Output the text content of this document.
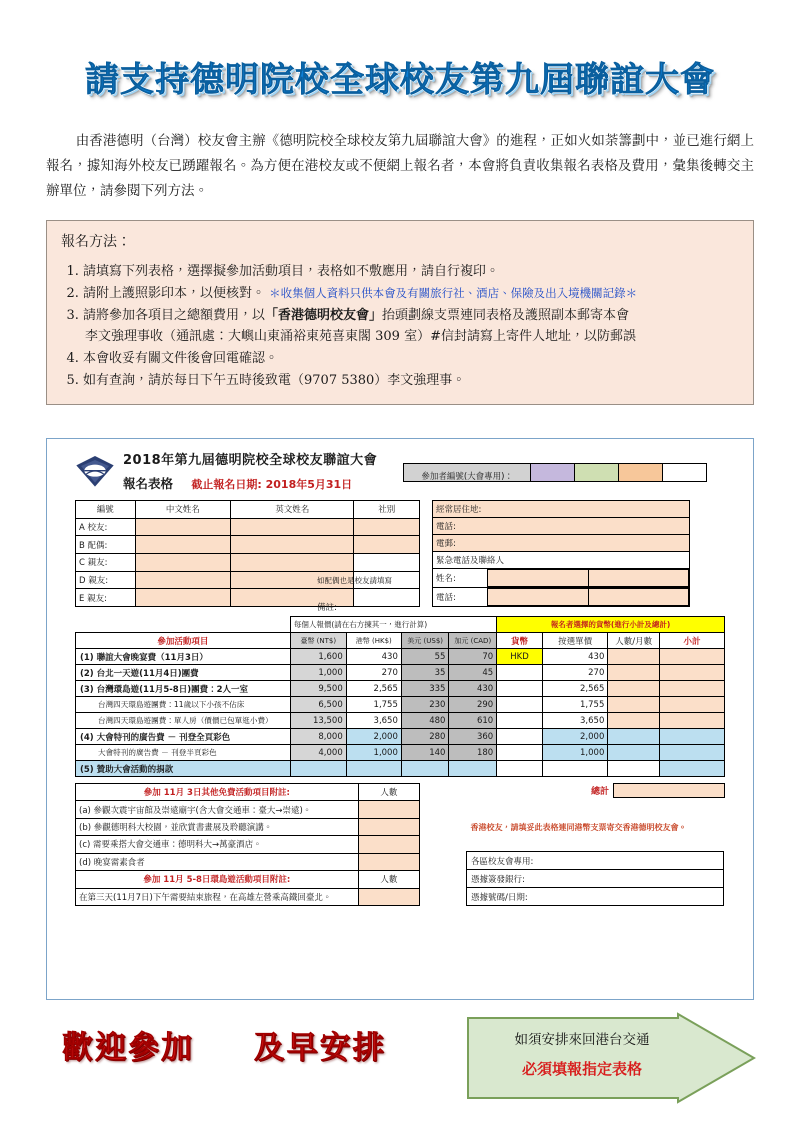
請支持德明院校全球校友第九屆聯誼大會

由香港德明（台灣）校友會主辦《德明院校全球校友第九屆聯誼大會》的進程，正如火如荼籌劃中，並已進行網上報名，據知海外校友已踴躍報名。為方便在港校友或不便網上報名者，本會將負責收集報名表格及費用，彙集後轉交主辦單位，請參閱下列方法。

報名方法：
1. 請填寫下列表格，選擇擬參加活動項目，表格如不敷應用，請自行複印。
2. 請附上護照影印本，以便核對。 ＊收集個人資料只供本會及有關旅行社、酒店、保險及出入境機關記錄＊
3. 請將參加各項目之總額費用，以「香港德明校友會」抬頭劃線支票連同表格及護照副本郵寄本會
李文強理事收（通訊處：大嶼山東涌裕東苑喜東閣 309 室）#信封請寫上寄件人地址，以防郵誤
4. 本會收妥有關文件後會回電確認。
5. 如有查詢，請於每日下午五時後致電（9707 5380）李文強理事。
2018年第九屆德明院校全球校友聯誼大會
報名表格 截止報名日期: 2018年5月31日
參加者編號(大會專用)：
編號	中文姓名	英文姓名	社別
A 校友:			
B 配偶:			
C 親友:			
D 親友:			
E 親友:			
經常居住地:
電話:
電郵:
緊急電話及聯絡人

姓名:		

電話:		
如配偶也是校友請填寫
備註:
	每個人報價(請在右方揀其一，進行計算)				報名者選擇的貨幣(進行小計及總計)			
參加活動項目	臺幣 (NT$)	港幣 (HK$)	美元 (US$)	加元 (CAD)	貨幣	按選單價	人數/月數	小計
(1) 聯誼大會晚宴費（11月3日）	1,600	430	55	70	HKD	430		
(2) 台北一天遊(11月4日)團費	1,000	270	35	45		270		
(3) 台灣環島遊(11月5-8日)團費：2人一室	9,500	2,565	335	430		2,565		
台灣四天環島遊團費：11歲以下小孩不佔床	6,500	1,755	230	290		1,755		
台灣四天環島遊團費：單人房（價價已包單逛小費）	13,500	3,650	480	610		3,650		
(4) 大會特刊的廣告費 － 刊登全頁彩色	8,000	2,000	280	360		2,000		
大會特刊的廣告費 － 刊登半頁彩色	4,000	1,000	140	180		1,000		
(5) 贊助大會活動的捐款								
參加 11月 3日其他免費活動項目附註:	人數
(a) 參觀次震宇宙館及崇遠廟宇(含大會交通車：臺大→崇遠)。	
(b) 參觀德明科大校園，並欣賞書畫展及聆聽演講。	
(c) 需要乘搭大會交通車：德明科大→萬豪酒店。	
(d) 晚宴需素食者	
參加 11月 5-8日環島遊活動項目附註:	人數
在第三天(11月7日)下午需要結束旅程，在高雄左營乘高鐵回臺北。	
總計
香港校友，請填妥此表格連同港幣支票寄交香港德明校友會。
各區校友會專用:
憑據簽發銀行:
憑據號碼/日期:
歡迎參加 及早安排	如須安排來回港台交通
必須填報指定表格
